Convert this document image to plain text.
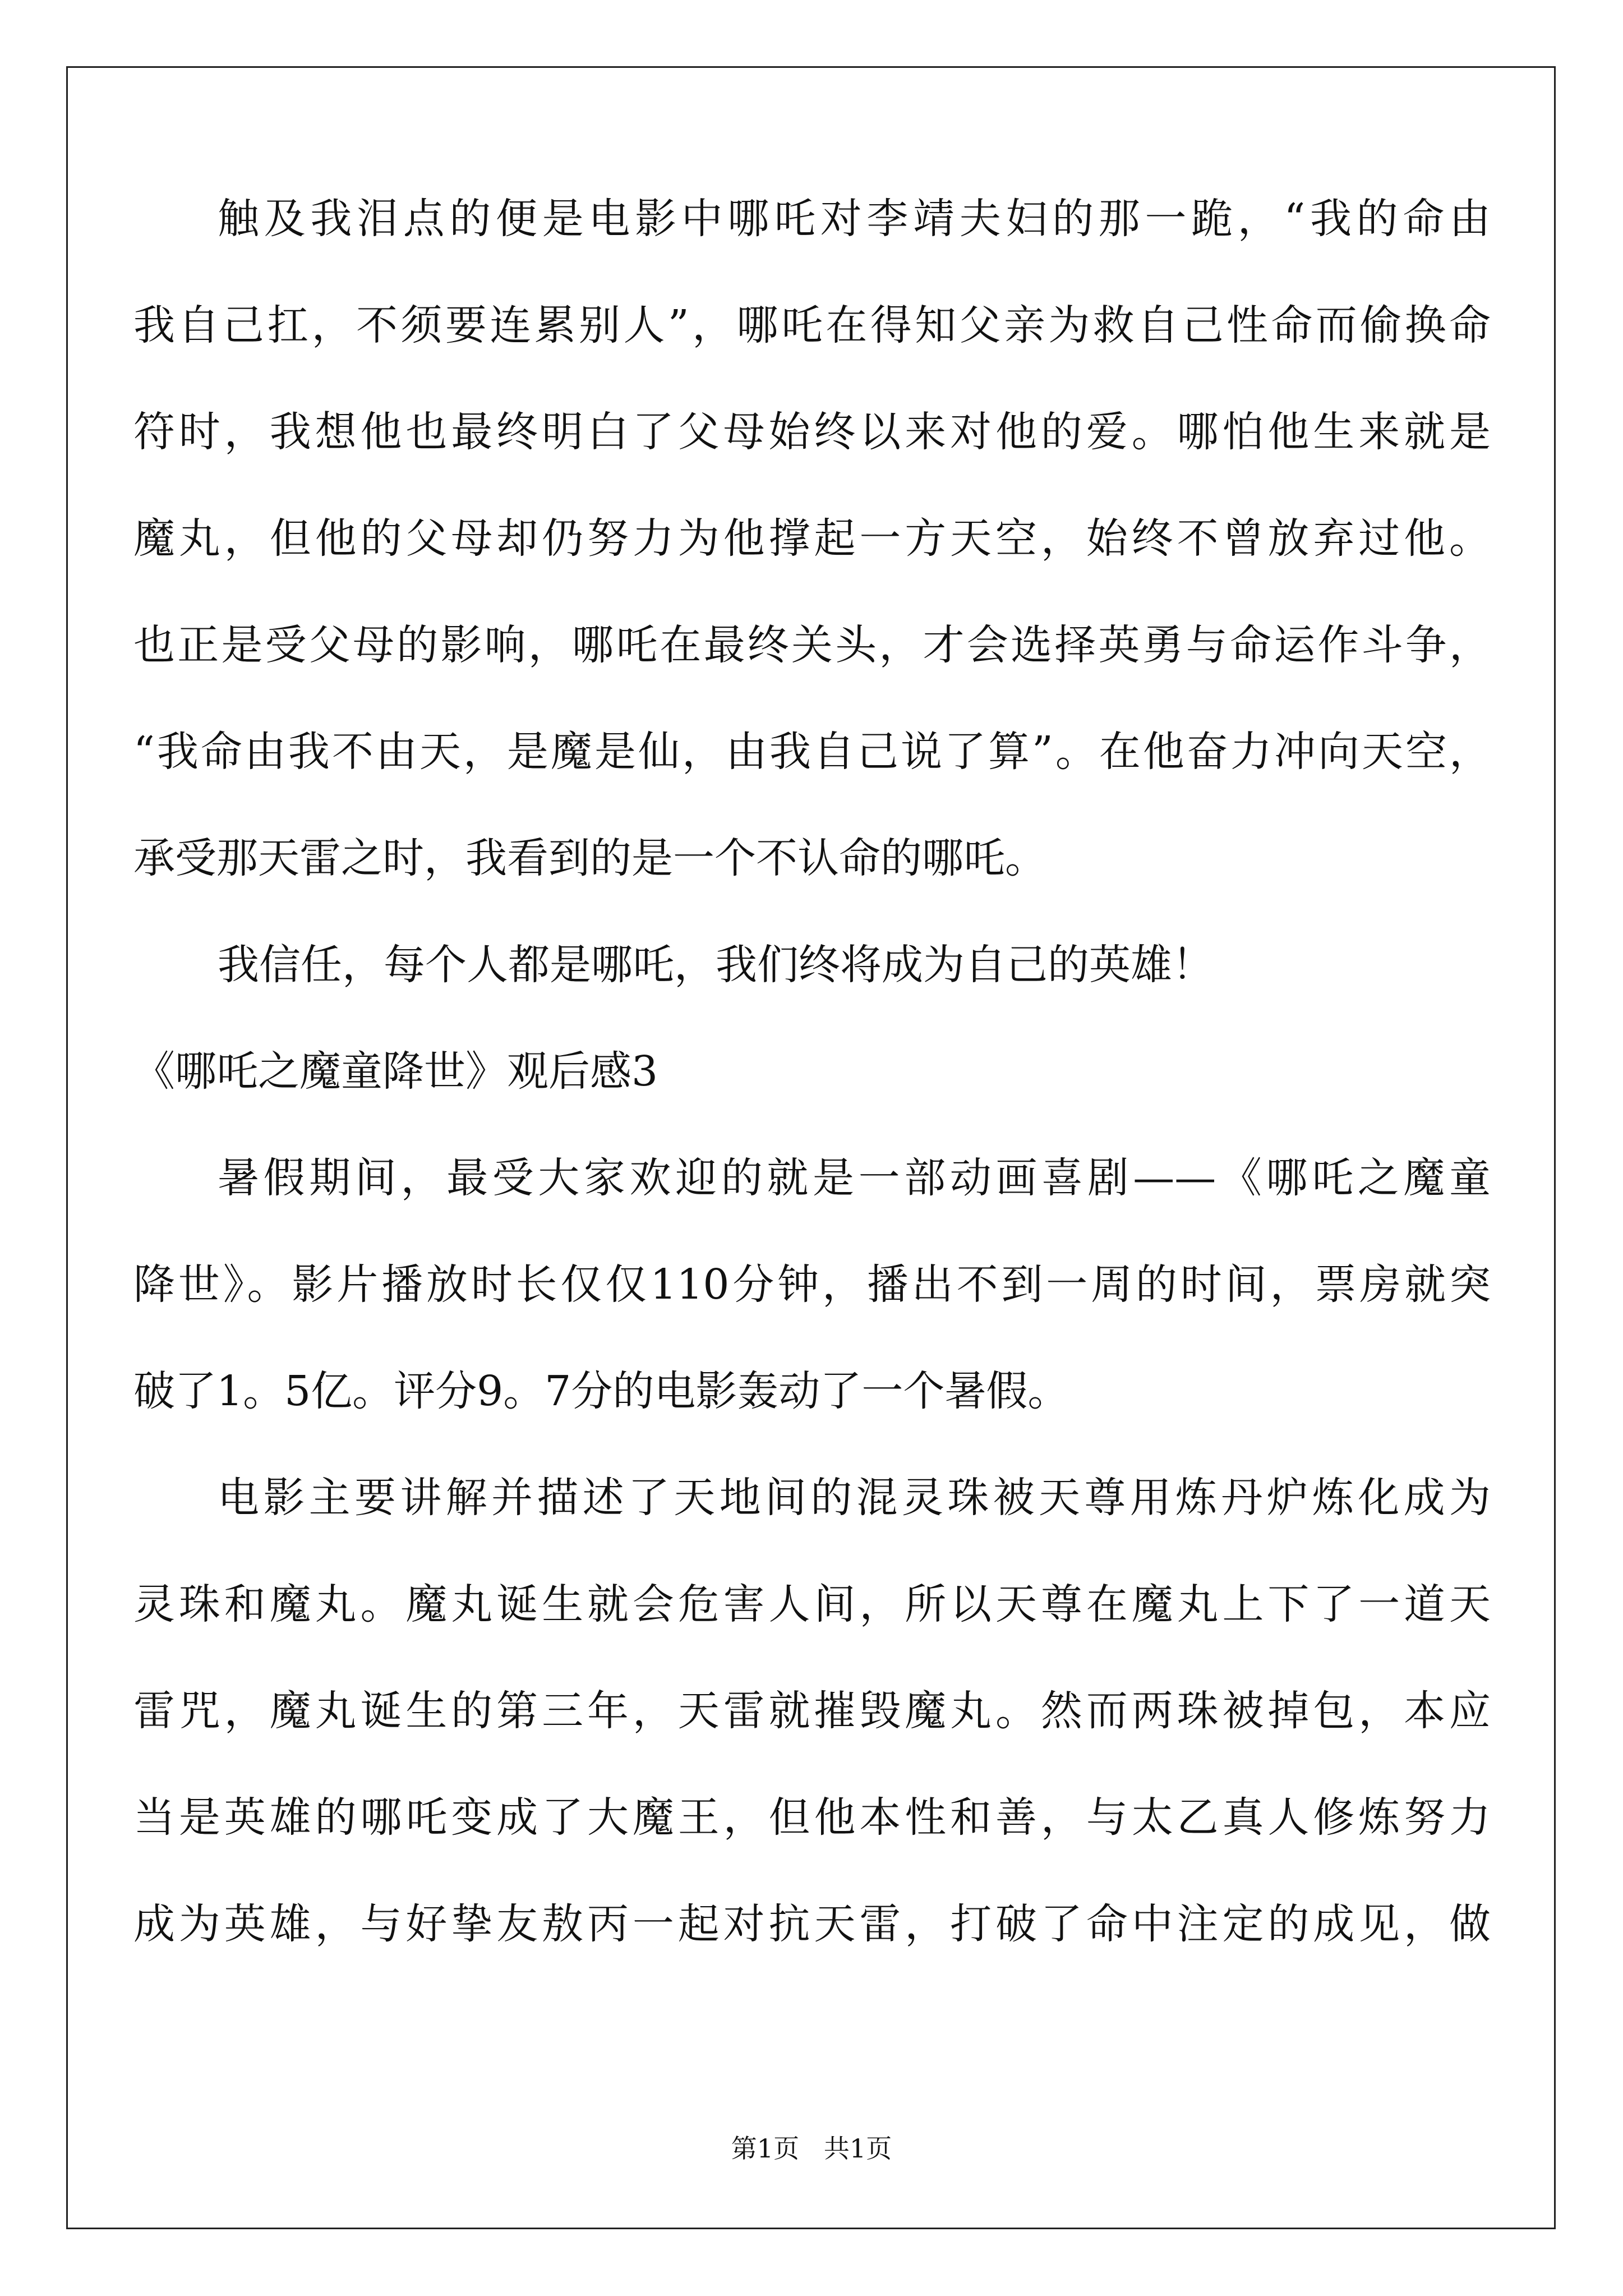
触及我泪点的便是电影中哪吒对李靖夫妇的那一跪，“我的命由
我自己扛，不须要连累别人”，哪吒在得知父亲为救自己性命而偷换命
符时，我想他也最终明白了父母始终以来对他的爱。哪怕他生来就是
魔丸，但他的父母却仍努力为他撑起一方天空，始终不曾放弃过他。
也正是受父母的影响，哪吒在最终关头，才会选择英勇与命运作斗争，
“我命由我不由天，是魔是仙，由我自己说了算”。在他奋力冲向天空，
承受那天雷之时，我看到的是一个不认命的哪吒。
我信任，每个人都是哪吒，我们终将成为自己的英雄！
《哪吒之魔童降世》观后感3
暑假期间，最受大家欢迎的就是一部动画喜剧——《哪吒之魔童
降世》。影片播放时长仅仅110分钟，播出不到一周的时间，票房就突
破了1。5亿。评分9。7分的电影轰动了一个暑假。
电影主要讲解并描述了天地间的混灵珠被天尊用炼丹炉炼化成为
灵珠和魔丸。魔丸诞生就会危害人间，所以天尊在魔丸上下了一道天
雷咒，魔丸诞生的第三年，天雷就摧毁魔丸。然而两珠被掉包，本应
当是英雄的哪吒变成了大魔王，但他本性和善，与太乙真人修炼努力
成为英雄，与好挚友敖丙一起对抗天雷，打破了命中注定的成见，做
第1页   共1页
